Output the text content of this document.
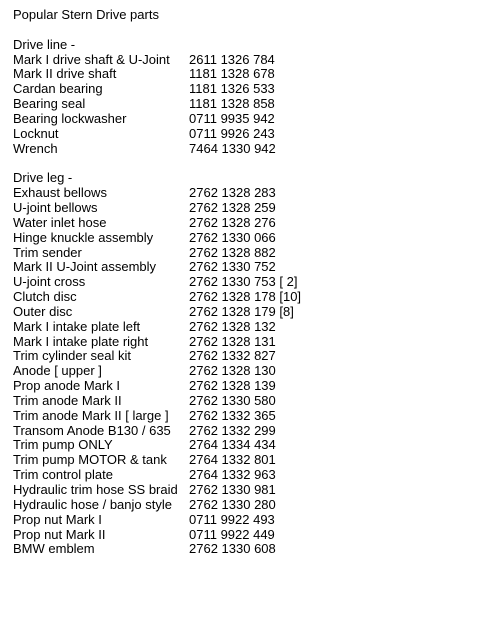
Popular Stern Drive parts
Drive line -
Mark I drive shaft & U-Joint	2611 1326 784
Mark II drive shaft	1181 1328 678
Cardan bearing	1181 1326 533
Bearing seal	1181 1328 858
Bearing lockwasher	0711 9935 942
Locknut	0711 9926 243
Wrench	7464 1330 942
Drive leg -
Exhaust bellows	2762 1328 283
U-joint bellows	2762 1328 259
Water inlet hose	2762 1328 276
Hinge knuckle assembly	2762 1330 066
Trim sender	2762 1328 882
Mark II U-Joint assembly	2762 1330 752
U-joint cross	2762 1330 753 [ 2]
Clutch disc	2762 1328 178 [10]
Outer disc	2762 1328 179 [8]
Mark I intake plate left	2762 1328 132
Mark I intake plate right	2762 1328 131
Trim cylinder seal kit	2762 1332 827
Anode [ upper ]	2762 1328 130
Prop anode Mark I	2762 1328 139
Trim anode Mark II	2762 1330 580
Trim anode Mark II [ large ]	2762 1332 365
Transom Anode B130 / 635	2762 1332 299
Trim pump ONLY	2764 1334 434
Trim pump MOTOR & tank	2764 1332 801
Trim control plate	2764 1332 963
Hydraulic trim hose SS braid 2762 1330 981
Hydraulic hose / banjo style	2762 1330 280
Prop nut Mark I	0711 9922 493
Prop nut Mark II	0711 9922 449
BMW emblem	2762 1330 608
